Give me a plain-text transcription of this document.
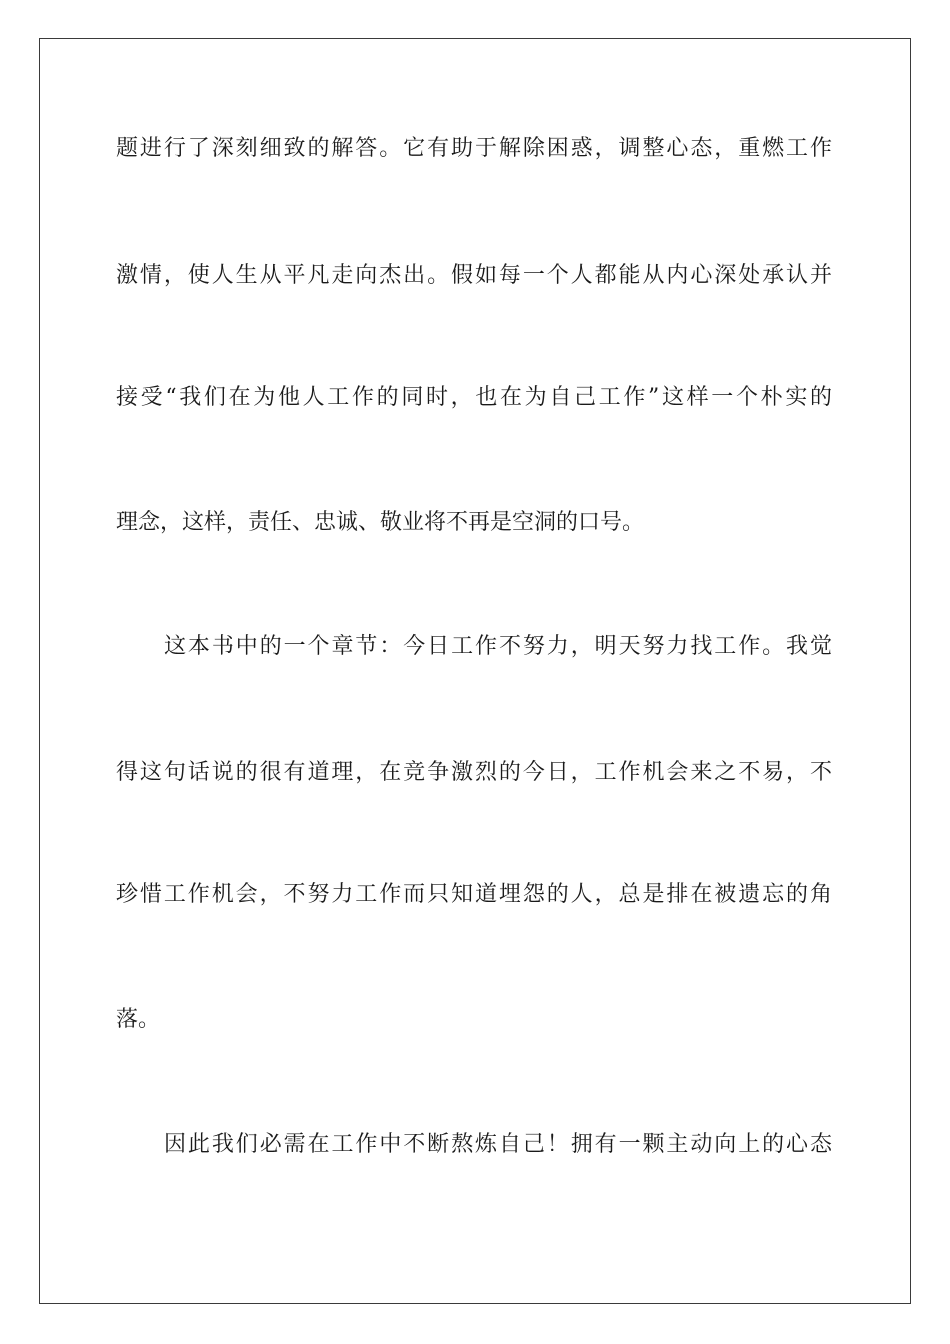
题进行了深刻细致的解答。它有助于解除困惑，调整心态，重燃工作

激情，使人生从平凡走向杰出。假如每一个人都能从内心深处承认并

接受“我们在为他人工作的同时，也在为自己工作”这样一个朴实的

理念，这样，责任、忠诚、敬业将不再是空洞的口号。

这本书中的一个章节：今日工作不努力，明天努力找工作。我觉

得这句话说的很有道理，在竞争激烈的今日，工作机会来之不易，不

珍惜工作机会，不努力工作而只知道埋怨的人，总是排在被遗忘的角

落。

因此我们必需在工作中不断熬炼自己！拥有一颗主动向上的心态
